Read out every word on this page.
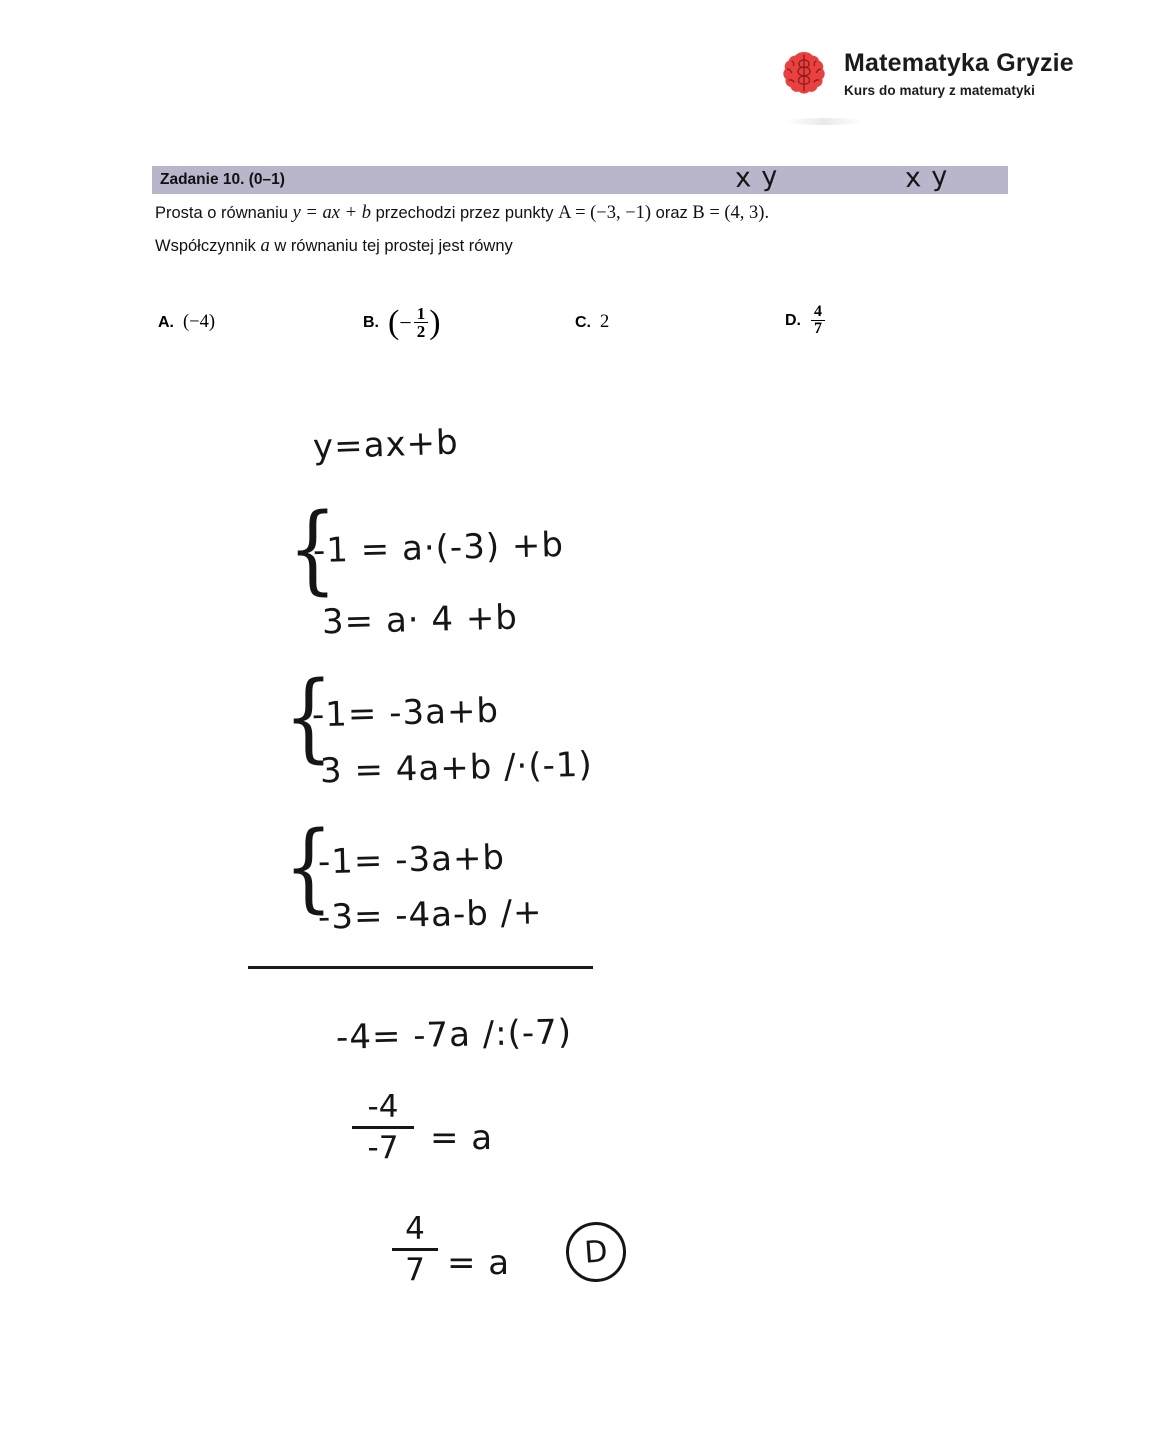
Matematyka Gryzie
Kurs do matury z matematyki
Zadanie 10. (0–1)	x y	x y
Prosta o równaniu y = ax + b przechodzi przez punkty A = (−3, −1) oraz B = (4, 3).
Współczynnik a w równaniu tej prostej jest równy
A. (−4)	B. ( − $\frac{1}{2}$ )	C. 2	D. $\frac{4}{7}$
y=ax+b
{
-1 = a·(-3) +b
3= a· 4 +b
{
-1= -3a+b
3 = 4a+b /·(-1)
{
-1= -3a+b
-3= -4a-b /+
-4= -7a /:(-7)
-4
-7 = a
4
7 = a D
